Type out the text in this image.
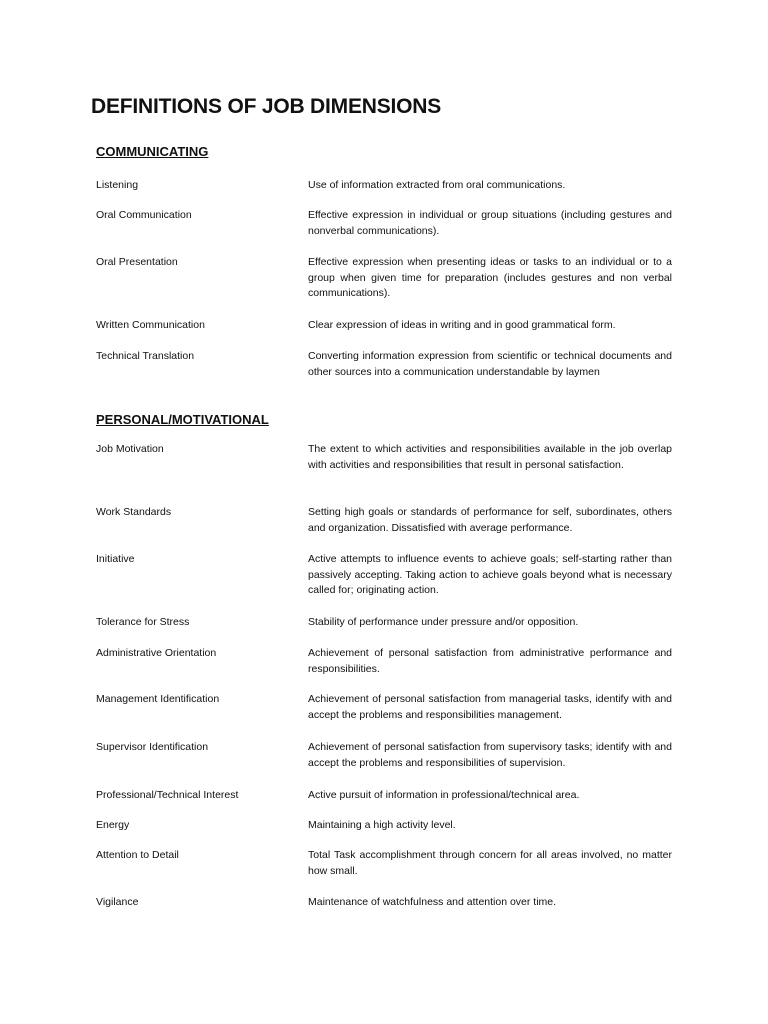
DEFINITIONS OF JOB DIMENSIONS
COMMUNICATING
Listening	Use of information extracted from oral communications.
Oral Communication	Effective expression in individual or group situations (including gestures and nonverbal communications).
Oral Presentation	Effective expression when presenting ideas or tasks to an individual or to a group when given time for preparation (includes gestures and non verbal communications).
Written Communication	Clear expression of ideas in writing and in good grammatical form.
Technical Translation	Converting information expression from scientific or technical documents and other sources into a communication understandable by laymen
PERSONAL/MOTIVATIONAL
Job Motivation	The extent to which activities and responsibilities available in the job overlap with activities and responsibilities that result in personal satisfaction.
Work Standards	Setting high goals or standards of performance for self, subordinates, others and organization. Dissatisfied with average performance.
Initiative	Active attempts to influence events to achieve goals; self-starting rather than passively accepting. Taking action to achieve goals beyond what is necessary called for; originating action.
Tolerance for Stress	Stability of performance under pressure and/or opposition.
Administrative Orientation	Achievement of personal satisfaction from administrative performance and responsibilities.
Management Identification	Achievement of personal satisfaction from managerial tasks, identify with and accept the problems and responsibilities management.
Supervisor Identification	Achievement of personal satisfaction from supervisory tasks; identify with and accept the problems and responsibilities of supervision.
Professional/Technical Interest	Active pursuit of information in professional/technical area.
Energy	Maintaining a high activity level.
Attention to Detail	Total Task accomplishment through concern for all areas involved, no matter how small.
Vigilance	Maintenance of watchfulness and attention over time.
